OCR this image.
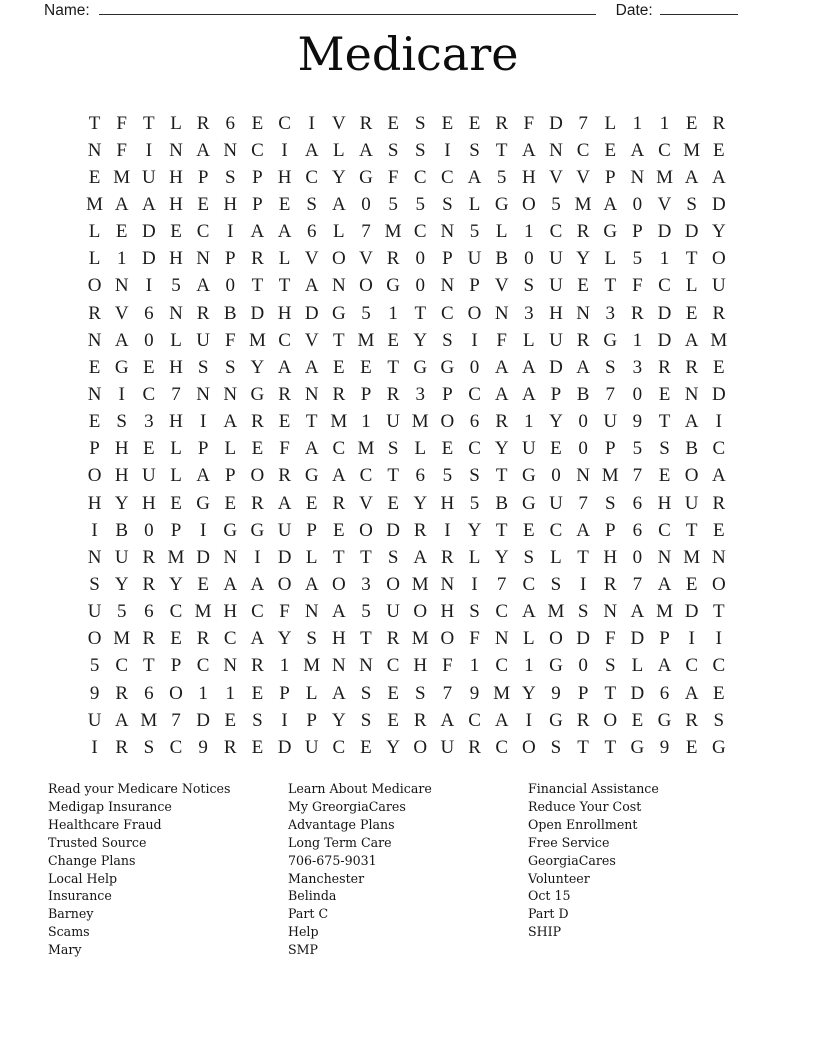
Name:	Date:
Medicare
T F T L R 6 E C I V R E S E E R F D 7 L 1 1 E R
N F I N A N C I A L A S S I S T A N C E A C M E
E M U H P S P H C Y G F C C A 5 H V V P N M A A
M A A H E H P E S A 0 5 5 S L G O 5 M A 0 V S D
L E D E C I A A 6 L 7 M C N 5 L 1 C R G P D D Y
L 1 D H N P R L V O V R 0 P U B 0 U Y L 5 1 T O
O N I	5 A 0 T T A N O G 0 N P V S U E T F C L U
R V 6 N R B D H D G 5 1 T C O N 3 H N 3 R D E R
N A 0 L U F M C V T M E Y S I F L U R G 1 D A M
E G E H S S Y A A E E T G G 0 A A D A S 3 R R E
N I C 7 N N G R N R P R 3 P C A A P B 7 0 E N D
E S 3 H I A R E T M 1 U M O 6 R 1 Y 0 U 9 T A I
P H E L P L E F A C M S L E C Y U E 0 P 5 S B C
O H U L A P O R G A C T 6 5 S T G 0 N M 7 E O A
H Y H E G E R A E R V E Y H 5 B G U 7 S 6 H U R
I B 0 P I G G U P E O D R I Y T E C A P 6 C T E
N U R M D N I D L T T S A R L Y S L T H 0 N M N
S Y R Y E A A O A O 3 O M N I	7 C S I R 7 A E O
U 5 6 C M H C F N A 5 U O H S C A M S N A M D T
O M R E R C A Y S H T R M O F N L O D F D P I	I
5 C T P C N R 1 M N N C H F 1 C 1 G 0 S L A C C
9 R 6 O 1 1 E P L A S E S 7 9 M Y 9 P T D 6 A E
U A M 7 D E S I P Y S E R A C A I G R O E G R S
I R S C 9 R E D U C E Y O U R C O S T T G 9 E G
Read your Medicare Notices
Medigap Insurance
Healthcare Fraud
Trusted Source
Change Plans
Local Help
Insurance
Barney
Scams
Mary
Learn About Medicare
My GreorgiaCares
Advantage Plans
Long Term Care
706-675-9031
Manchester
Belinda
Part C
Help
SMP
Financial Assistance
Reduce Your Cost
Open Enrollment
Free Service
GeorgiaCares
Volunteer
Oct 15
Part D
SHIP
